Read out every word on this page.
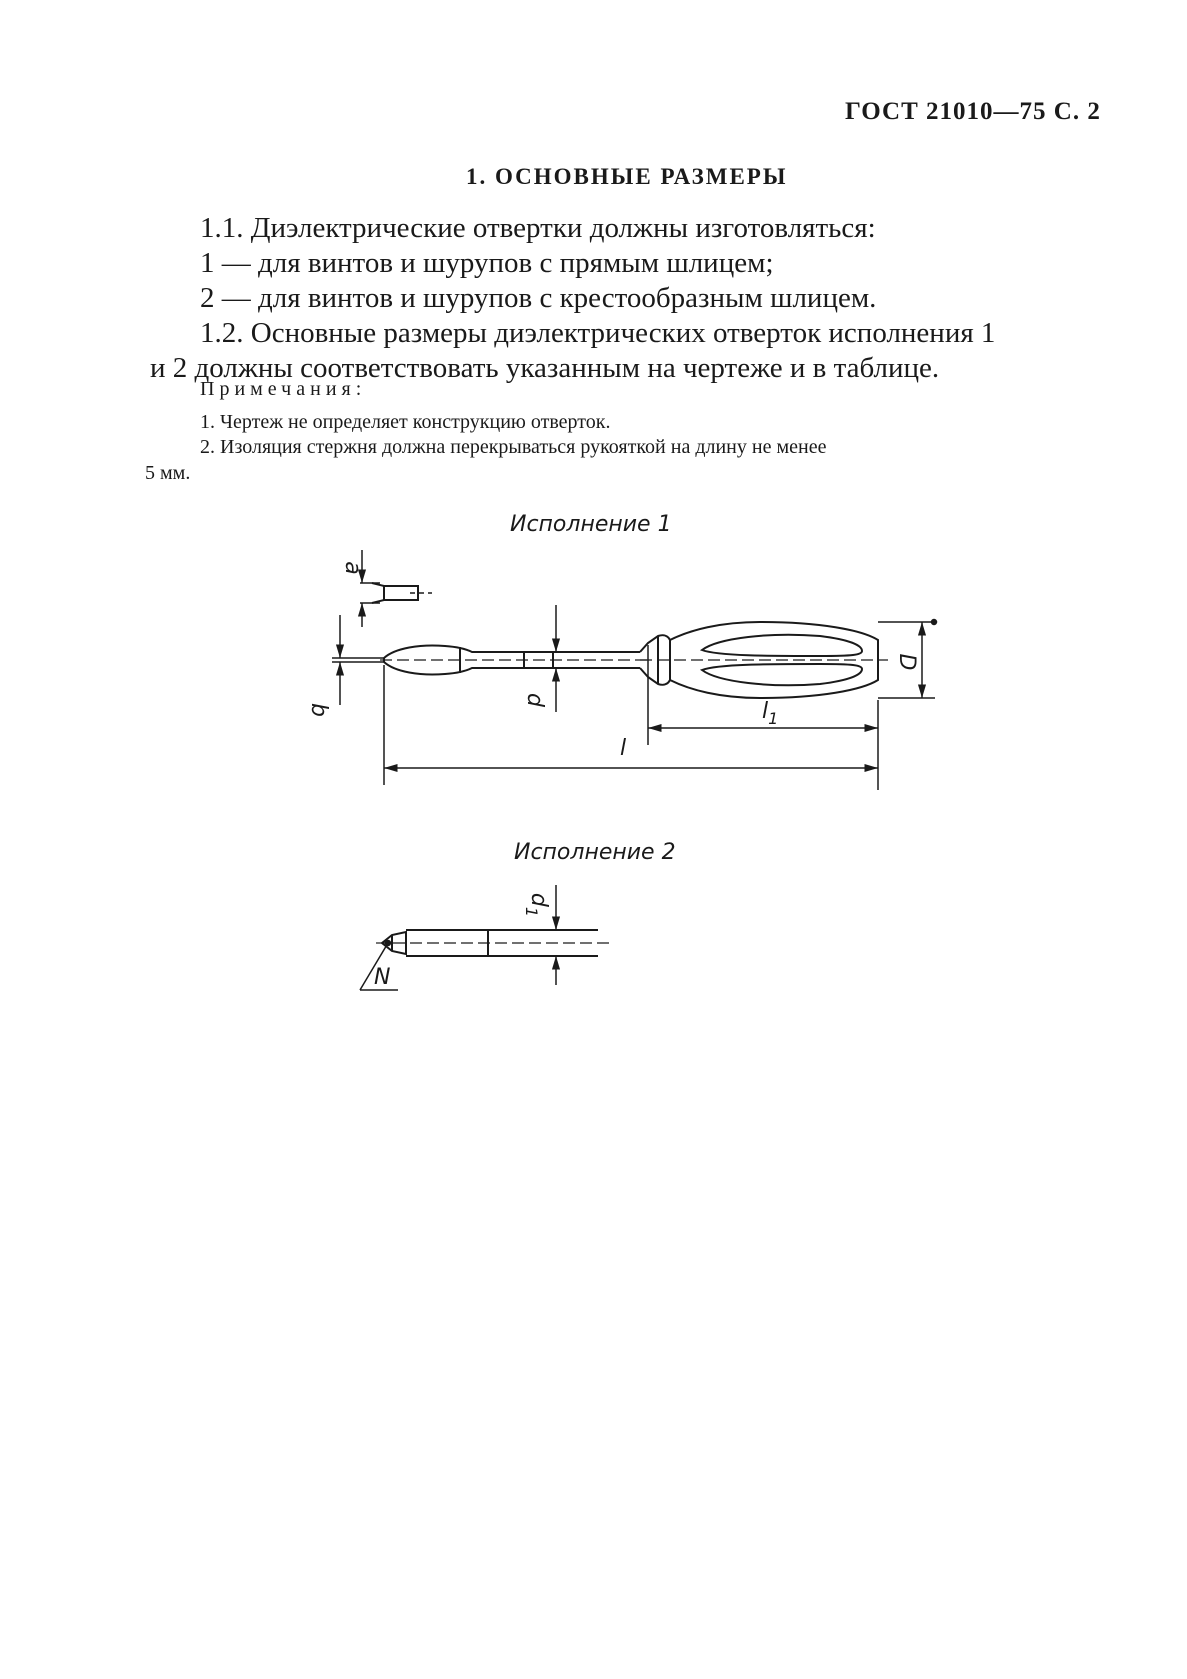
ГОСТ 21010—75 С. 2
1. ОСНОВНЫЕ РАЗМЕРЫ
1.1. Диэлектрические отвертки должны изготовляться:
1 — для винтов и шурупов с прямым шлицем;
2 — для винтов и шурупов с крестообразным шлицем.
1.2. Основные размеры диэлектрических отверток исполнения 1
и 2 должны соответствовать указанным на чертеже и в таблице.
Примечания:
1. Чертеж не определяет конструкцию отверток.
2. Изоляция стержня должна перекрываться рукояткой на длину не менее
5 мм.
Исполнение 1
Исполнение 2
a
b
d
D
$l_1$
l
$d_1$
N
